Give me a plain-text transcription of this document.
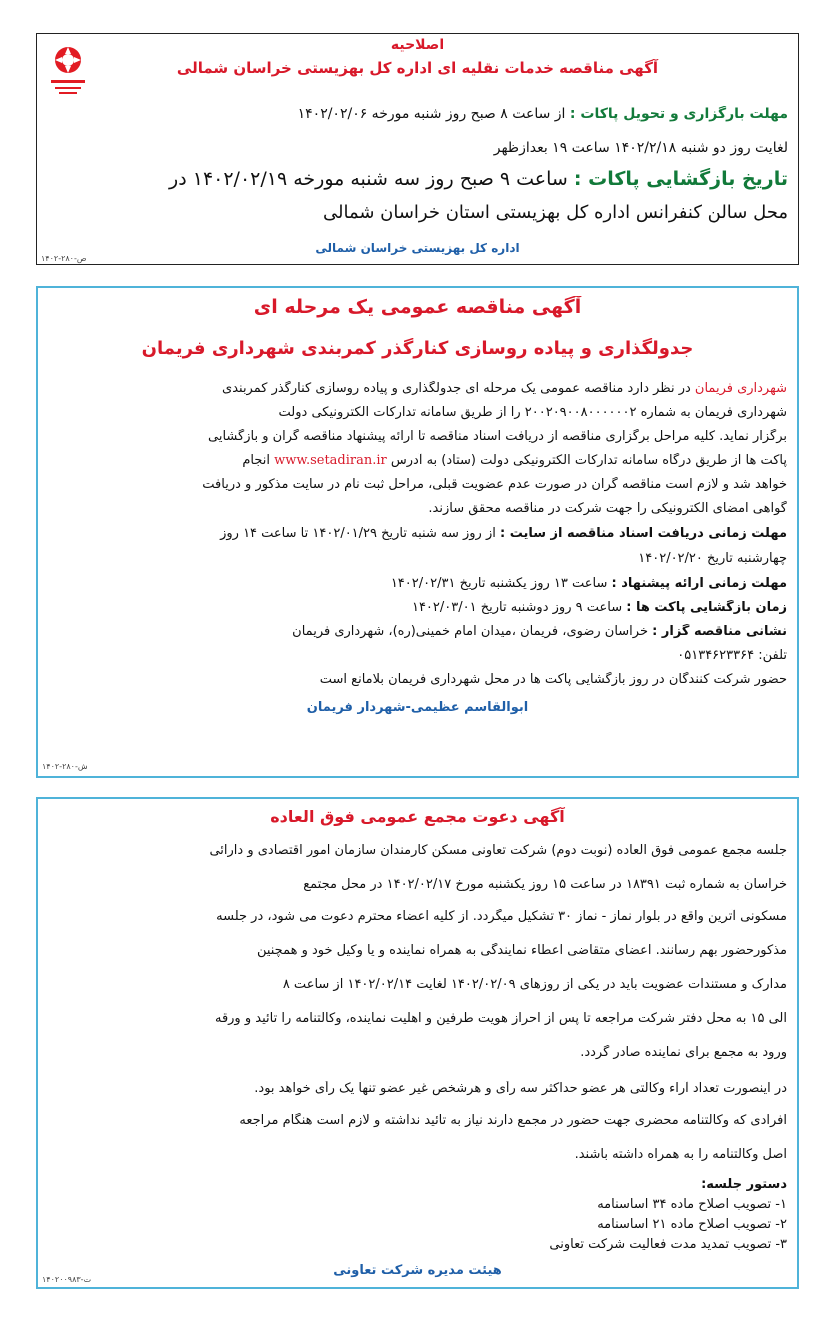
اصلاحیه
آگهی مناقصه خدمات نقلیه ای اداره کل بهزیستی خراسان شمالی
مهلت بارگزاری و تحویل پاکات : از ساعت ۸ صبح روز شنبه مورخه ۱۴۰۲/۰۲/۰۶
لغایت روز دو شنبه ۱۴۰۲/۲/۱۸ ساعت ۱۹ بعدازظهر
تاریخ بازگشایی پاکات : ساعت ۹ صبح روز سه شنبه مورخه ۱۴۰۲/۰۲/۱۹ در
محل سالن کنفرانس اداره کل بهزیستی استان خراسان شمالی
اداره کل بهزیستی خراسان شمالی
۱۴۰۲-۲۸۰-ص
آگهی مناقصه عمومی یک مرحله ای
جدولگذاری و پیاده روسازی کنارگذر کمربندی شهرداری فریمان
شهرداری فریمان در نظر دارد مناقصه عمومی یک مرحله ای جدولگذاری و پیاده روسازی کنارگذر کمربندی
شهرداری فریمان به شماره ۲۰۰۲۰۹۰۰۸۰۰۰۰۰۰۲ را از طریق سامانه تدارکات الکترونیکی دولت
برگزار نماید. کلیه مراحل برگزاری مناقصه از دریافت اسناد مناقصه تا ارائه پیشنهاد مناقصه گران و بازگشایی
پاکت ها از طریق درگاه سامانه تدارکات الکترونیکی دولت (ستاد) به آدرس www.setadiran.ir انجام
خواهد شد و لازم است مناقصه گران در صورت عدم عضویت قبلی، مراحل ثبت نام در سایت مذکور و دریافت
گواهی امضای الکترونیکی را جهت شرکت در مناقصه محقق سازند.
مهلت زمانی دریافت اسناد مناقصه از سایت : از روز سه شنبه تاریخ ۱۴۰۲/۰۱/۲۹ تا ساعت ۱۴ روز
چهارشنبه تاریخ ۱۴۰۲/۰۲/۲۰
مهلت زمانی ارائه پیشنهاد : ساعت ۱۳ روز یکشنبه تاریخ ۱۴۰۲/۰۲/۳۱
زمان بازگشایی پاکت ها : ساعت ۹ روز دوشنبه تاریخ ۱۴۰۲/۰۳/۰۱
نشانی مناقصه گزار : خراسان رضوی، فریمان ،میدان امام خمینی(ره)، شهرداری فریمان
تلفن: ۰۵۱۳۴۶۲۳۳۶۴
حضور شرکت کنندگان در روز بازگشایی پاکت ها در محل شهرداری فریمان بلامانع است
ابوالقاسم عظیمی-شهردار فریمان
۱۴۰۲-۲۸۰-ش
آگهی دعوت مجمع عمومی فوق العاده
جلسه مجمع عمومی فوق العاده (نوبت دوم) شرکت تعاونی مسکن کارمندان سازمان امور اقتصادی و دارائی
خراسان به شماره ثبت ۱۸۳۹۱ در ساعت ۱۵ روز یکشنبه مورخ ۱۴۰۲/۰۲/۱۷ در محل مجتمع
مسکونی آترین واقع در بلوار نماز - نماز ۳۰ تشکیل میگردد. از کلیه اعضاء محترم دعوت می شود، در جلسه
مذکورحضور بهم رسانند. اعضای متقاضی اعطاء نمایندگی به همراه نماینده و یا وکیل خود و همچنین
مدارک و مستندات عضویت باید در یکی از روزهای ۱۴۰۲/۰۲/۰۹ لغایت ۱۴۰۲/۰۲/۱۴ از ساعت ۸
الی ۱۵ به محل دفتر شرکت مراجعه تا پس از احراز هویت طرفین و اهلیت نماینده، وکالتنامه را تائید و ورقه
ورود به مجمع برای نماینده صادر گردد.
در اینصورت تعداد آراء وکالتی هر عضو حداکثر سه رأی و هرشخص غیر عضو تنها یک رأی خواهد بود.
افرادی که وکالتنامه محضری جهت حضور در مجمع دارند نیاز به تائید نداشته و لازم است هنگام مراجعه
اصل وکالتنامه را به همراه داشته باشند.
دستور جلسه:
۱- تصویب اصلاح ماده ۳۴ اساسنامه
۲- تصویب اصلاح ماده ۲۱ اساسنامه
۳- تصویب تمدید مدت فعالیت شرکت تعاونی
هیئت مدیره شرکت تعاونی
۱۴۰۲۰۰۹۸۳-ت
